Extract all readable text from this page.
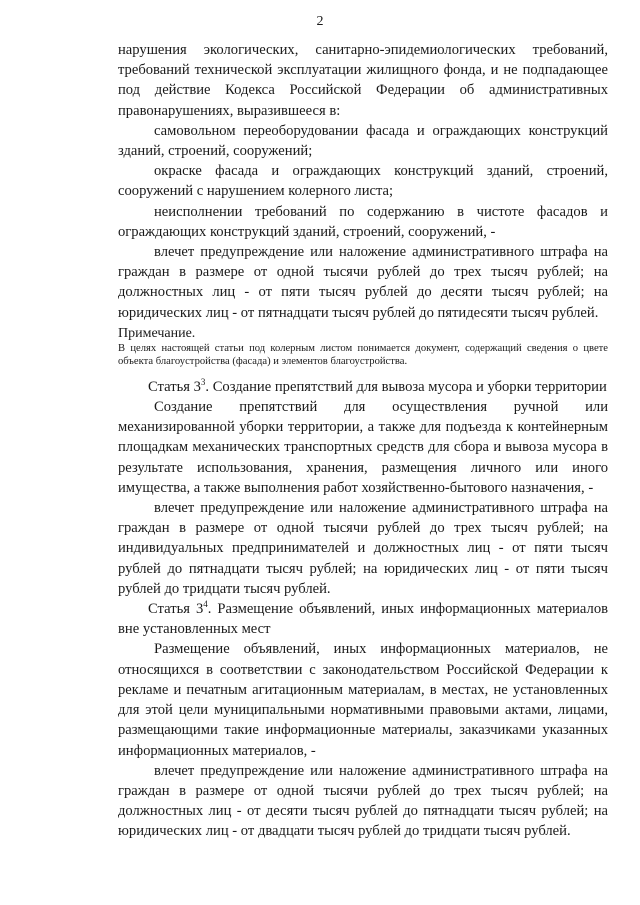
2

нарушения экологических, санитарно-эпидемиологических требований, требований технической эксплуатации жилищного фонда, и не подпадающее под действие Кодекса Российской Федерации об административных правонарушениях, выразившееся в:

самовольном переоборудовании фасада и ограждающих конструкций зданий, строений, сооружений;

окраске фасада и ограждающих конструкций зданий, строений, сооружений с нарушением колерного листа;

неисполнении требований по содержанию в чистоте фасадов и ограждающих конструкций зданий, строений, сооружений, -

влечет предупреждение или наложение административного штрафа на граждан в размере от одной тысячи рублей до трех тысяч рублей; на должностных лиц - от пяти тысяч рублей до десяти тысяч рублей; на юридических лиц - от пятнадцати тысяч рублей до пятидесяти тысяч рублей.

Примечание.
В целях настоящей статьи под колерным листом понимается документ, содержащий сведения о цвете объекта благоустройства (фасада) и элементов благоустройства.

Статья $3^3$. Создание препятствий для вывоза мусора и уборки территории

Создание препятствий для осуществления ручной или механизированной уборки территории, а также для подъезда к контейнерным площадкам механических транспортных средств для сбора и вывоза мусора в результате использования, хранения, размещения личного или иного имущества, а также выполнения работ хозяйственно-бытового назначения, -

влечет предупреждение или наложение административного штрафа на граждан в размере от одной тысячи рублей до трех тысяч рублей; на индивидуальных предпринимателей и должностных лиц - от пяти тысяч рублей до пятнадцати тысяч рублей; на юридических лиц - от пяти тысяч рублей до тридцати тысяч рублей.

Статья $3^4$. Размещение объявлений, иных информационных материалов вне установленных мест

Размещение объявлений, иных информационных материалов, не относящихся в соответствии с законодательством Российской Федерации к рекламе и печатным агитационным материалам, в местах, не установленных для этой цели муниципальными нормативными правовыми актами, лицами, размещающими такие информационные материалы, заказчиками указанных информационных материалов, -

влечет предупреждение или наложение административного штрафа на граждан в размере от одной тысячи рублей до трех тысяч рублей; на должностных лиц - от десяти тысяч рублей до пятнадцати тысяч рублей; на юридических лиц - от двадцати тысяч рублей до тридцати тысяч рублей.
